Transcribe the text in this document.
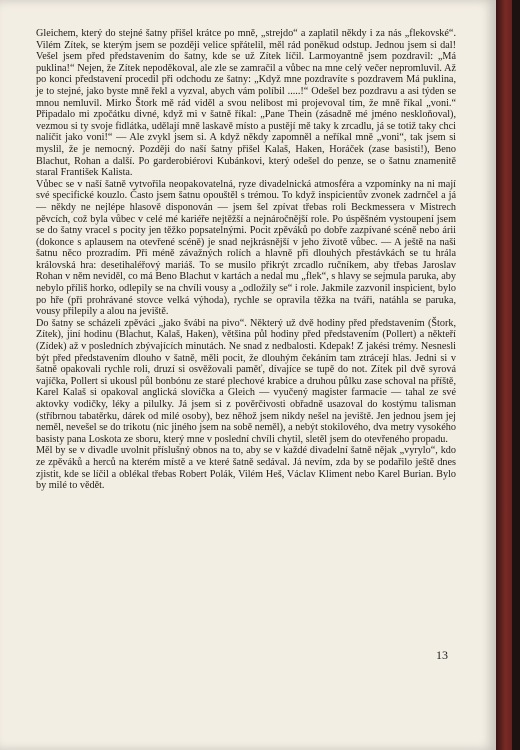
Gleichem, který do stejné šatny přišel krátce po mně, „strejdo“ a zaplatil někdy i za nás „flekovské“. Vilém Zítek, se kterým jsem se později velice spřátelil, měl rád poněkud odstup. Jednou jsem si dal! Vešel jsem před představením do šatny, kde se už Zítek líčil. Larmoyantně jsem pozdravil: „Má puklina!“ Nejen, že Zítek nepoděkoval, ale zle se zamračil a vůbec na mne celý večer nepromluvil. Až po konci představení procedil při odchodu ze šatny: „Když mne pozdravíte s pozdravem Má puklina, je to stejné, jako byste mně řekl a vyzval, abych vám políbil .....!“ Odešel bez pozdravu a asi týden se mnou nemluvil. Mirko Štork mě rád viděl a svou nelibost mi projevoval tím, že mně říkal „voni.“ Připadalo mi zpočátku divné, když mi v šatně říkal: „Pane Thein (zásadně mé jméno neskloňoval), vezmou si ty svoje fidlátka, udělají mně laskavě místo a pustějí mě taky k zrcadlu, já se totiž taky chci nalíčit jako voni!“ — Ale zvykl jsem si. A když někdy zapomněl a neříkal mně „voni“, tak jsem si myslil, že je nemocný. Později do naší šatny přišel Kalaš, Haken, Horáček (zase basisti!), Beno Blachut, Rohan a další. Po garderobiérovi Kubánkovi, který odešel do penze, se o šatnu znamenitě staral František Kalista.

Vůbec se v naší šatně vytvořila neopakovatelná, ryze divadelnická atmosféra a vzpomínky na ni mají své specifické kouzlo. Často jsem šatnu opouštěl s trémou. To když inspicientův zvonek zadrnčel a já — někdy ne nejlépe hlasově disponován — jsem šel zpívat třebas roli Beckmessera v Mistrech pěvcích, což byla vůbec v celé mé kariéře nejtěžší a nejnáročnější role. Po úspěšném vystoupení jsem se do šatny vracel s pocity jen těžko popsatelnými. Pocit zpěváků po dobře zazpívané scéně nebo árii (dokonce s aplausem na otevřené scéně) je snad nejkrásnější v jeho životě vůbec. — A ještě na naši šatnu něco prozradím. Při méně závažných rolích a hlavně při dlouhých přestávkách se tu hrála královská hra: desetihaléřový mariáš. To se musilo přikrýt zrcadlo ručníkem, aby třebas Jaroslav Rohan v něm neviděl, co má Beno Blachut v kartách a nedal mu „flek“, s hlavy se sejmula paruka, aby nebylo příliš horko, odlepily se na chvíli vousy a „odložily se“ i role. Jakmile zazvonil inspicient, bylo po hře (při prohrávané stovce velká výhoda), rychle se opravila těžka na tváři, natáhla se paruka, vousy přilepily a alou na jeviště.

Do šatny se scházeli zpěváci „jako švábi na pivo“. Některý už dvě hodiny před představením (Štork, Zítek), jiní hodinu (Blachut, Kalaš, Haken), většina půl hodiny před představením (Pollert) a někteří (Zídek) až v posledních zbývajících minutách. Ne snad z nedbalosti. Kdepak! Z jakési trémy. Nesnesli být před představením dlouho v šatně, měli pocit, že dlouhým čekáním tam ztrácejí hlas. Jedni si v šatně opakovali rychle roli, druzí si osvěžovali paměť, dívajíce se tupě do not. Zítek pil dvě syrová vajíčka, Pollert si ukousl půl bonbónu ze staré plechové krabice a druhou půlku zase schoval na příště, Karel Kalaš si opakoval anglická slovíčka a Gleich — vyučený magister farmacie — tahal ze své aktovky vodičky, léky a pilulky. Já jsem si z pověrčivosti obřadně usazoval do kostýmu talisman (stříbrnou tabatěrku, dárek od milé osoby), bez něhož jsem nikdy nešel na jeviště. Jen jednou jsem jej neměl, nevešel se do trikotu (nic jiného jsem na sobě neměl), a nebýt stokilového, dva metry vysokého basisty pana Loskota ze sboru, který mne v poslední chvíli chytil, sletěl jsem do otevřeného propadu.

Měl by se v divadle uvolnit příslušný obnos na to, aby se v každé divadelní šatně nějak „vyrylo“, kdo ze zpěváků a herců na kterém místě a ve které šatně sedával. Já nevím, zda by se podařilo ještě dnes zjistit, kde se líčil a oblékal třebas Robert Polák, Vilém Heš, Václav Kliment nebo Karel Burian. Bylo by milé to vědět.

13
